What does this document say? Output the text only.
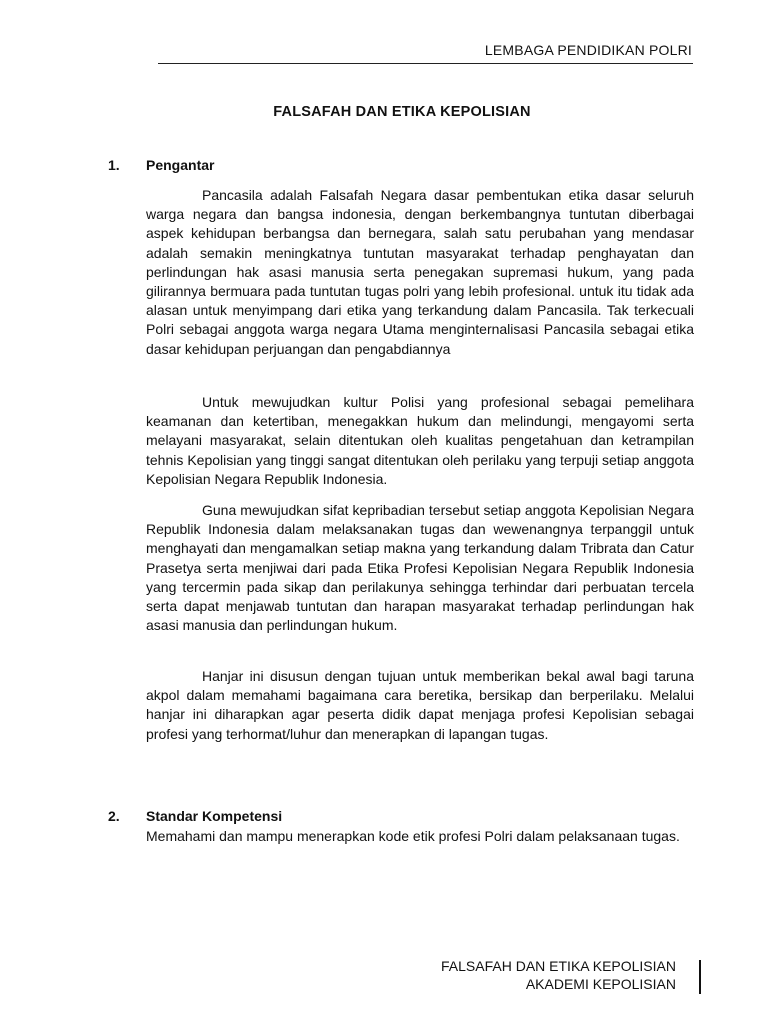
LEMBAGA PENDIDIKAN POLRI
FALSAFAH DAN ETIKA KEPOLISIAN
1. Pengantar

Pancasila adalah Falsafah Negara dasar pembentukan etika dasar seluruh warga negara dan bangsa indonesia, dengan berkembangnya tuntutan diberbagai aspek kehidupan berbangsa dan bernegara, salah satu perubahan yang mendasar adalah semakin meningkatnya tuntutan masyarakat terhadap penghayatan dan perlindungan hak asasi manusia serta penegakan supremasi hukum, yang pada gilirannya bermuara pada tuntutan tugas polri yang lebih profesional. untuk itu tidak ada alasan untuk menyimpang dari etika yang terkandung dalam Pancasila. Tak terkecuali Polri sebagai anggota warga negara Utama menginternalisasi Pancasila sebagai etika dasar kehidupan perjuangan dan pengabdiannya

Untuk mewujudkan kultur Polisi yang profesional sebagai pemelihara keamanan dan ketertiban, menegakkan hukum dan melindungi, mengayomi serta melayani masyarakat, selain ditentukan oleh kualitas pengetahuan dan ketrampilan tehnis Kepolisian yang tinggi sangat ditentukan oleh perilaku yang terpuji setiap anggota Kepolisian Negara Republik Indonesia.

Guna mewujudkan sifat kepribadian tersebut setiap anggota Kepolisian Negara Republik Indonesia dalam melaksanakan tugas dan wewenangnya terpanggil untuk menghayati dan mengamalkan setiap makna yang terkandung dalam Tribrata dan Catur Prasetya serta menjiwai dari pada Etika Profesi Kepolisian Negara Republik Indonesia yang tercermin pada sikap dan perilakunya sehingga terhindar dari perbuatan tercela serta dapat menjawab tuntutan dan harapan masyarakat terhadap perlindungan hak asasi manusia dan perlindungan hukum.

Hanjar ini disusun dengan tujuan untuk memberikan bekal awal bagi taruna akpol dalam memahami bagaimana cara beretika, bersikap dan berperilaku. Melalui hanjar ini diharapkan agar peserta didik dapat menjaga profesi Kepolisian sebagai profesi yang terhormat/luhur dan menerapkan di lapangan tugas.

2. Standar Kompetensi

Memahami dan mampu menerapkan kode etik profesi Polri dalam pelaksanaan tugas.

FALSAFAH DAN ETIKA KEPOLISIAN
AKADEMI KEPOLISIAN
